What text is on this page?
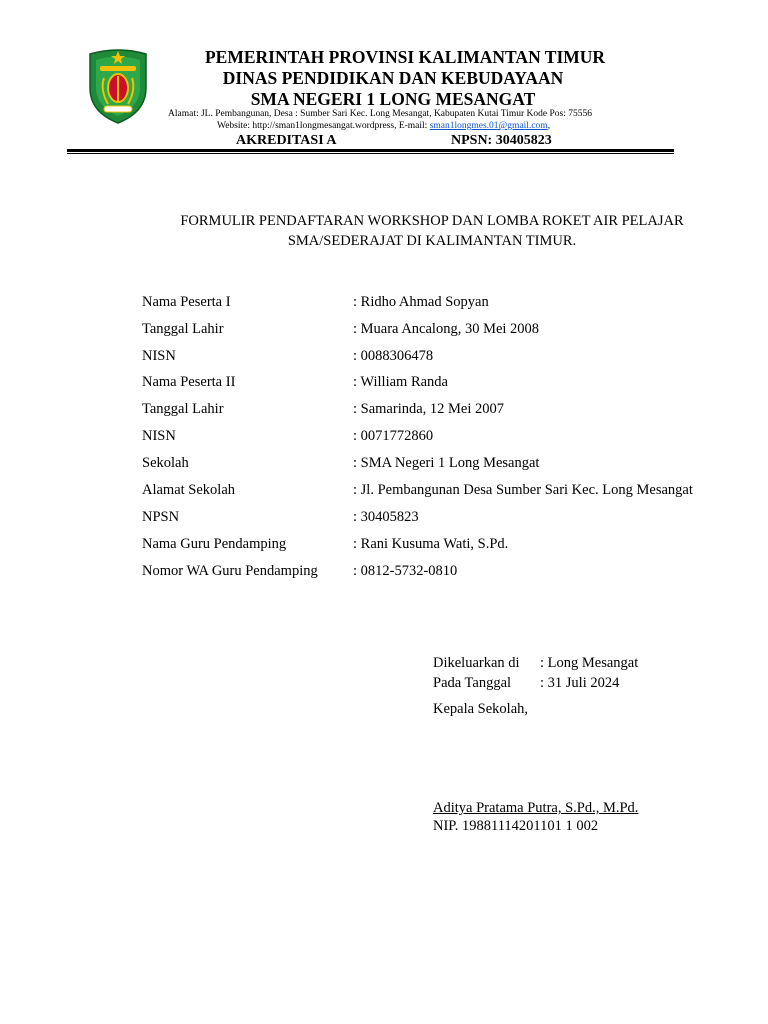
PEMERINTAH PROVINSI KALIMANTAN TIMUR
DINAS PENDIDIKAN DAN KEBUDAYAAN
SMA NEGERI 1 LONG MESANGAT
Alamat: JL. Pembangunan, Desa : Sumber Sari Kec. Long Mesangat, Kabupaten Kutai Timur Kode Pos: 75556
Website: http://sman1longmesangat.wordpress, E-mail: sman1longmes.01@gmail.com,
AKREDITASI A	NPSN: 30405823
FORMULIR PENDAFTARAN WORKSHOP DAN LOMBA ROKET AIR PELAJAR
SMA/SEDERAJAT DI KALIMANTAN TIMUR.
Nama Peserta I	: Ridho Ahmad Sopyan
Tanggal Lahir	: Muara Ancalong, 30 Mei 2008
NISN	: 0088306478
Nama Peserta II	: William Randa
Tanggal Lahir	: Samarinda, 12 Mei 2007
NISN	: 0071772860
Sekolah	: SMA Negeri 1 Long Mesangat
Alamat Sekolah	: Jl. Pembangunan Desa Sumber Sari Kec. Long Mesangat
NPSN	: 30405823
Nama Guru Pendamping	: Rani Kusuma Wati, S.Pd.
Nomor WA Guru Pendamping : 0812-5732-0810
Dikeluarkan di : Long Mesangat
Pada Tanggal : 31 Juli 2024
Kepala Sekolah,
Aditya Pratama Putra, S.Pd., M.Pd.
NIP. 19881114201101 1 002
